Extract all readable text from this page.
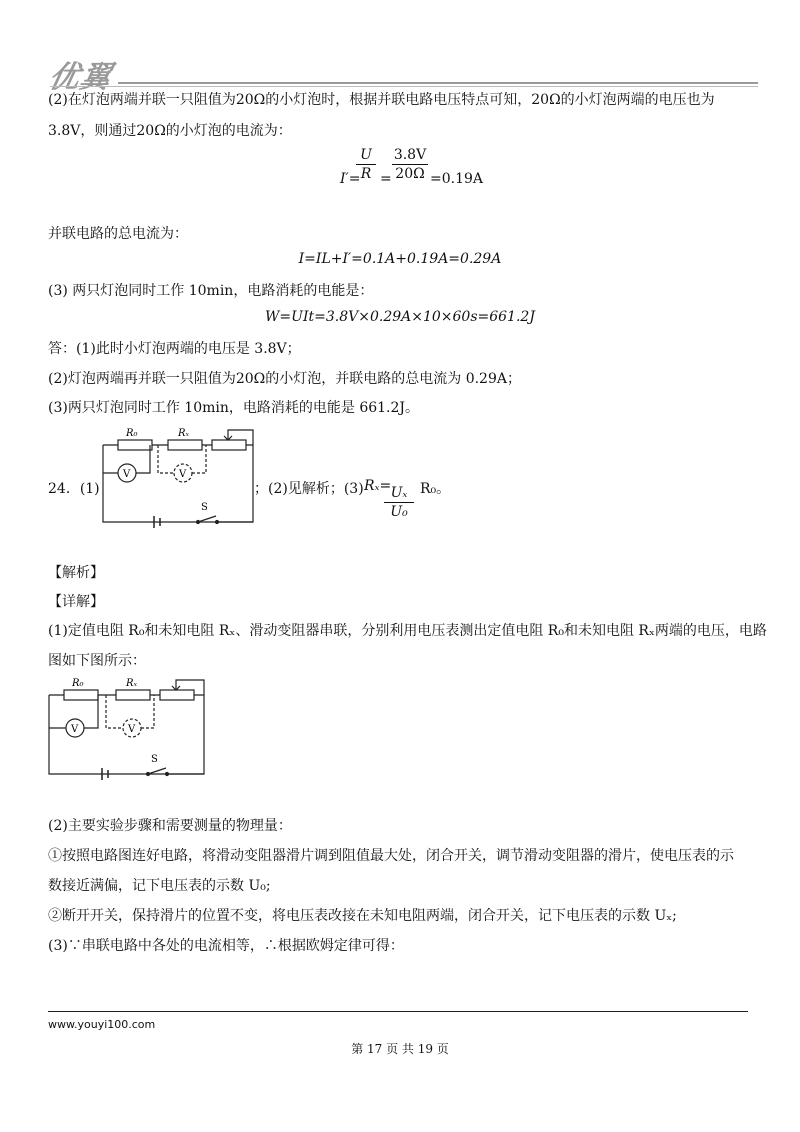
优翼
(2)在灯泡两端并联一只阻值为20Ω的小灯泡时，根据并联电路电压特点可知，20Ω的小灯泡两端的电压也为
3.8V，则通过20Ω的小灯泡的电流为：
I′=
U
R =
3.8V
20Ω =0.19A
并联电路的总电流为：
I=IL+I′=0.1A+0.19A=0.29A
(3) 两只灯泡同时工作 10min，电路消耗的电能是：
W=UIt=3.8V×0.29A×10×60s=661.2J
答：(1)此时小灯泡两端的电压是 3.8V；
(2)灯泡两端再并联一只阻值为20Ω的小灯泡，并联电路的总电流为 0.29A；
(3)两只灯泡同时工作 10min，电路消耗的电能是 661.2J。
24．(1)
R₀	Rₓ
V	V
S
；(2)见解析；(3) Rₓ= Uₓ
U₀
R₀。
【解析】
【详解】
(1)定值电阻 R₀和未知电阻 Rₓ、滑动变阻器串联，分别利用电压表测出定值电阻 R₀和未知电阻 Rₓ两端的电压，电路
图如下图所示：
R₀	Rₓ
V	V
S
(2)主要实验步骤和需要测量的物理量：
①按照电路图连好电路，将滑动变阻器滑片调到阻值最大处，闭合开关，调节滑动变阻器的滑片，使电压表的示
数接近满偏，记下电压表的示数 U₀;
②断开开关，保持滑片的位置不变，将电压表改接在未知电阻两端，闭合开关，记下电压表的示数 Uₓ;
(3)∵串联电路中各处的电流相等，∴根据欧姆定律可得：
www.youyi100.com
第 17 页 共 19 页
